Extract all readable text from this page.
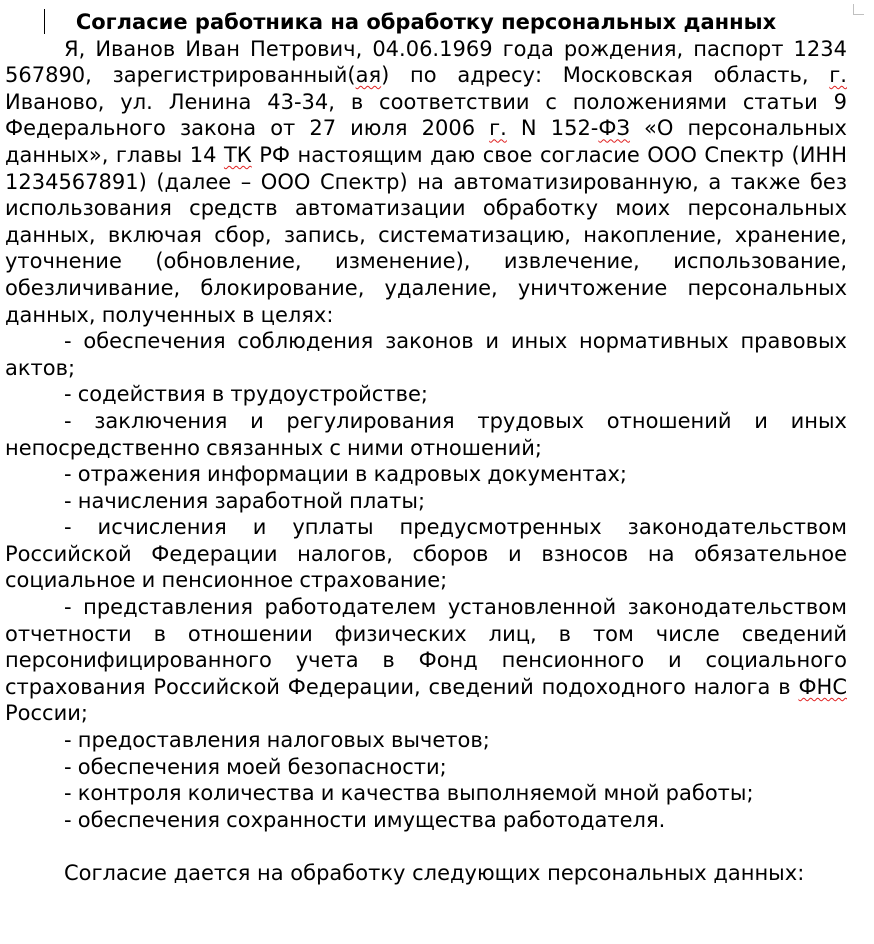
Согласие работника на обработку персональных данных

Я, Иванов Иван Петрович, 04.06.1969 года рождения, паспорт 1234 567890, зарегистрированный(ая) по адресу: Московская область, г. Иваново, ул. Ленина 43-34, в соответствии с положениями статьи 9 Федерального закона от 27 июля 2006 г. N 152-ФЗ «О персональных данных», главы 14 ТК РФ настоящим даю свое согласие ООО Спектр (ИНН 1234567891) (далее – ООО Спектр) на автоматизированную, а также без использования средств автоматизации обработку моих персональных данных, включая сбор, запись, систематизацию, накопление, хранение, уточнение (обновление, изменение), извлечение, использование, обезличивание, блокирование, удаление, уничтожение персональных данных, полученных в целях:

- обеспечения соблюдения законов и иных нормативных правовых актов;

- содействия в трудоустройстве;

- заключения и регулирования трудовых отношений и иных непосредственно связанных с ними отношений;

- отражения информации в кадровых документах;

- начисления заработной платы;

- исчисления и уплаты предусмотренных законодательством Российской Федерации налогов, сборов и взносов на обязательное социальное и пенсионное страхование;

- представления работодателем установленной законодательством отчетности в отношении физических лиц, в том числе сведений персонифицированного учета в Фонд пенсионного и социального страхования Российской Федерации, сведений подоходного налога в ФНС России;

- предоставления налоговых вычетов;

- обеспечения моей безопасности;

- контроля количества и качества выполняемой мной работы;

- обеспечения сохранности имущества работодателя.

Согласие дается на обработку следующих персональных данных:
